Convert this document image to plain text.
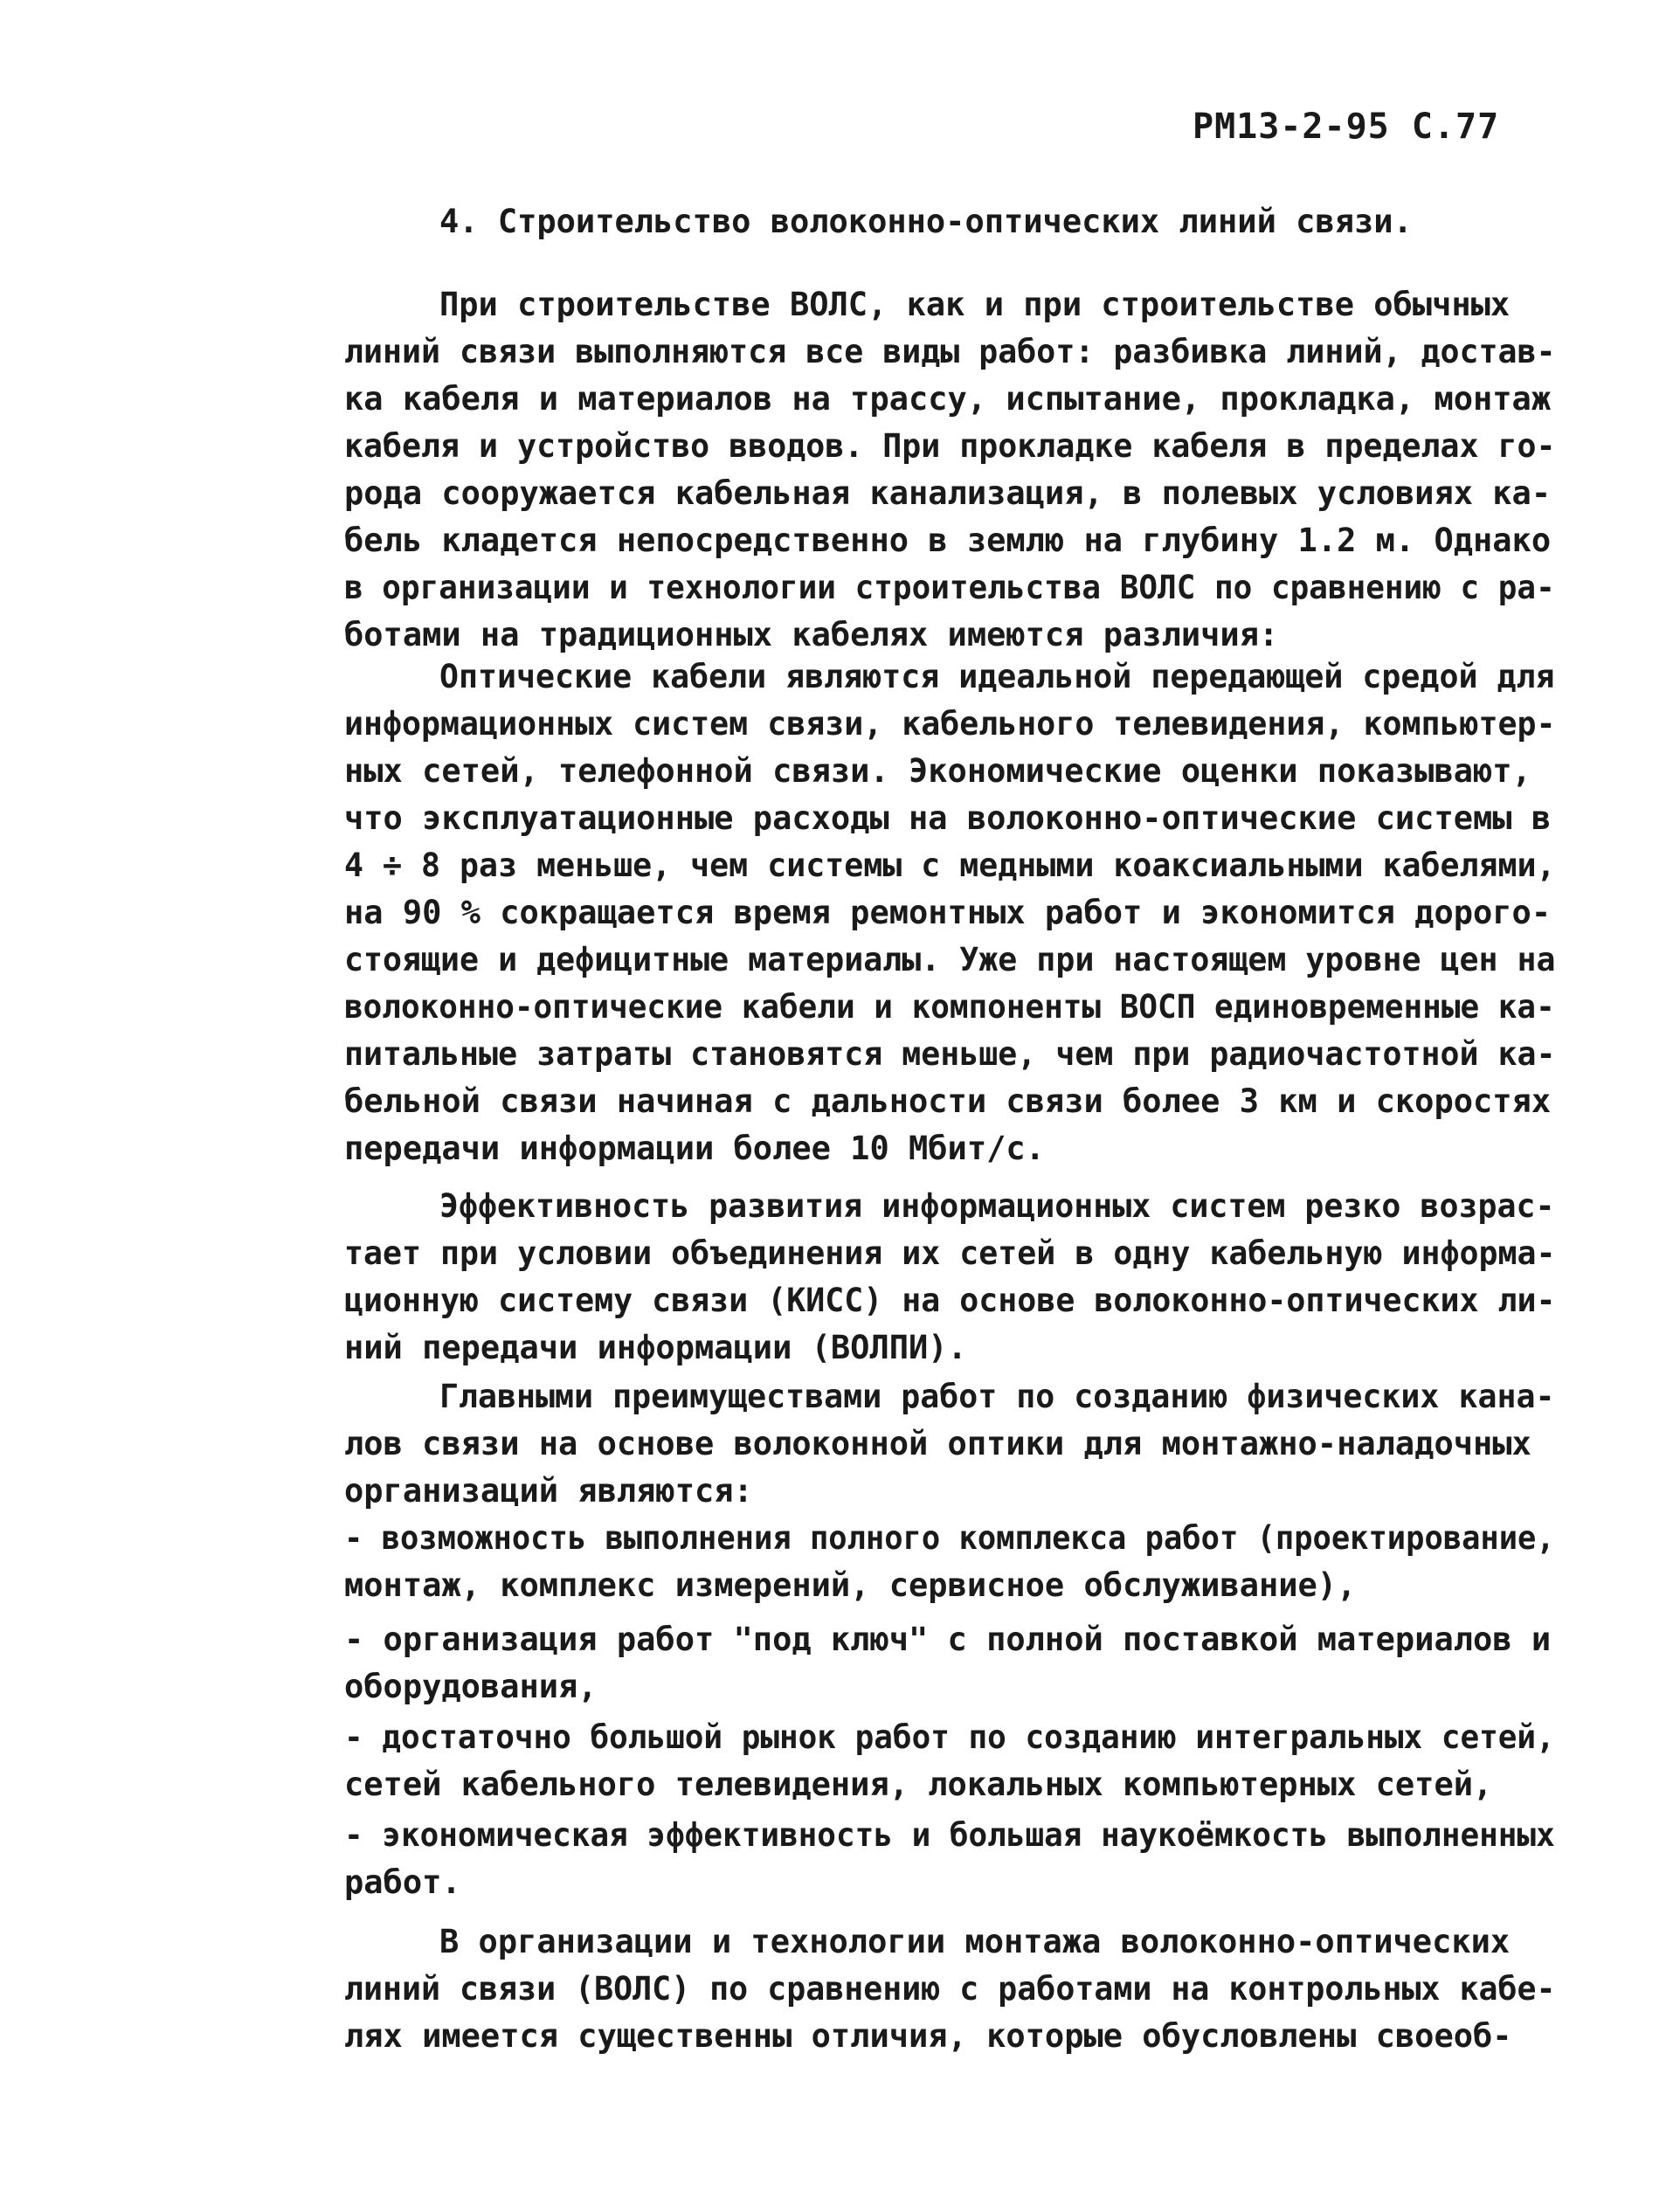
РМ13-2-95 С.77
4. Строительство волоконно-оптических линий связи.
При строительстве ВОЛС, как и при строительстве обычных
линий связи выполняются все виды работ: разбивка линий, достав-
ка кабеля и материалов на трассу, испытание, прокладка, монтаж
кабеля и устройство вводов. При прокладке кабеля в пределах го-
рода сооружается кабельная канализация, в полевых условиях ка-
бель кладется непосредственно в землю на глубину 1.2 м. Однако
в организации и технологии строительства ВОЛС по сравнению с ра-
ботами на традиционных кабелях имеются различия:
Оптические кабели являются идеальной передающей средой для
информационных систем связи, кабельного телевидения, компьютер-
ных сетей, телефонной связи. Экономические оценки показывают,
что эксплуатационные расходы на волоконно-оптические системы в
4 ÷ 8 раз меньше, чем системы с медными коаксиальными кабелями,
на 90 % сокращается время ремонтных работ и экономится дорого-
стоящие и дефицитные материалы. Уже при настоящем уровне цен на
волоконно-оптические кабели и компоненты ВОСП единовременные ка-
питальные затраты становятся меньше, чем при радиочастотной ка-
бельной связи начиная с дальности связи более 3 км и скоростях
передачи информации более 10 Мбит/с.
Эффективность развития информационных систем резко возрас-
тает при условии объединения их сетей в одну кабельную информа-
ционную систему связи (КИСС) на основе волоконно-оптических ли-
ний передачи информации (ВОЛПИ).
Главными преимуществами работ по созданию физических кана-
лов связи на основе волоконной оптики для монтажно-наладочных
организаций являются:
- возможность выполнения полного комплекса работ (проектирование,
монтаж, комплекс измерений, сервисное обслуживание),
- организация работ "под ключ" с полной поставкой материалов и
оборудования,
- достаточно большой рынок работ по созданию интегральных сетей,
сетей кабельного телевидения, локальных компьютерных сетей,
- экономическая эффективность и большая наукоёмкость выполненных
работ.
В организации и технологии монтажа волоконно-оптических
линий связи (ВОЛС) по сравнению с работами на контрольных кабе-
лях имеется существенны отличия, которые обусловлены своеоб-
